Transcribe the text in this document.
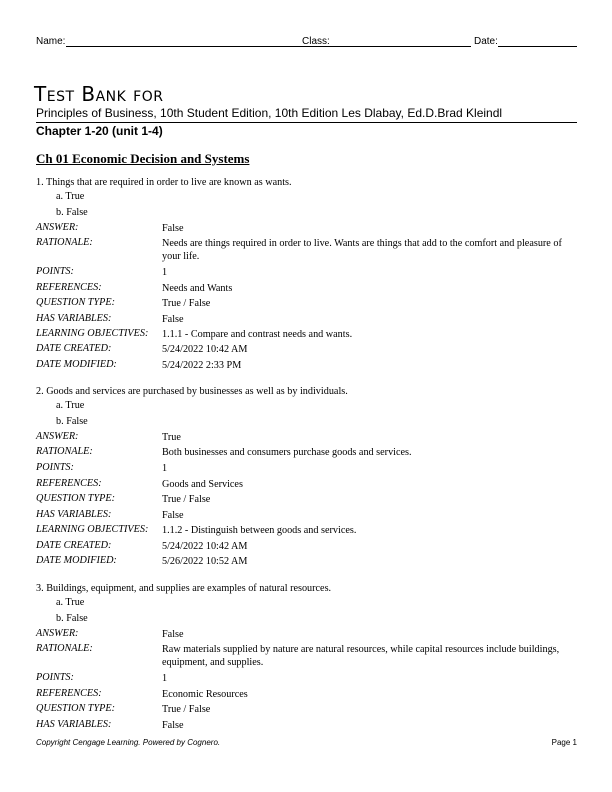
Name:	Class:	Date:
Test Bank for
Principles of Business, 10th Student Edition, 10th Edition Les Dlabay, Ed.D.Brad Kleindl
Chapter 1-20 (unit 1-4)
Ch 01 Economic Decision and Systems
1. Things that are required in order to live are known as wants.
a. True
b. False
ANSWER:	False
RATIONALE:	Needs are things required in order to live. Wants are things that add to the comfort and pleasure of your life.
POINTS:	1
REFERENCES:	Needs and Wants
QUESTION TYPE:	True / False
HAS VARIABLES:	False
LEARNING OBJECTIVES: 1.1.1 - Compare and contrast needs and wants.
DATE CREATED:	5/24/2022 10:42 AM
DATE MODIFIED:	5/24/2022 2:33 PM
2. Goods and services are purchased by businesses as well as by individuals.
a. True
b. False
ANSWER:	True
RATIONALE:	Both businesses and consumers purchase goods and services.
POINTS:	1
REFERENCES:	Goods and Services
QUESTION TYPE:	True / False
HAS VARIABLES:	False
LEARNING OBJECTIVES: 1.1.2 - Distinguish between goods and services.
DATE CREATED:	5/24/2022 10:42 AM
DATE MODIFIED:	5/26/2022 10:52 AM
3. Buildings, equipment, and supplies are examples of natural resources.
a. True
b. False
ANSWER:	False
RATIONALE:	Raw materials supplied by nature are natural resources, while capital resources include buildings, equipment, and supplies.
POINTS:	1
REFERENCES:	Economic Resources
QUESTION TYPE:	True / False
HAS VARIABLES:	False
Copyright Cengage Learning. Powered by Cognero.	Page 1
